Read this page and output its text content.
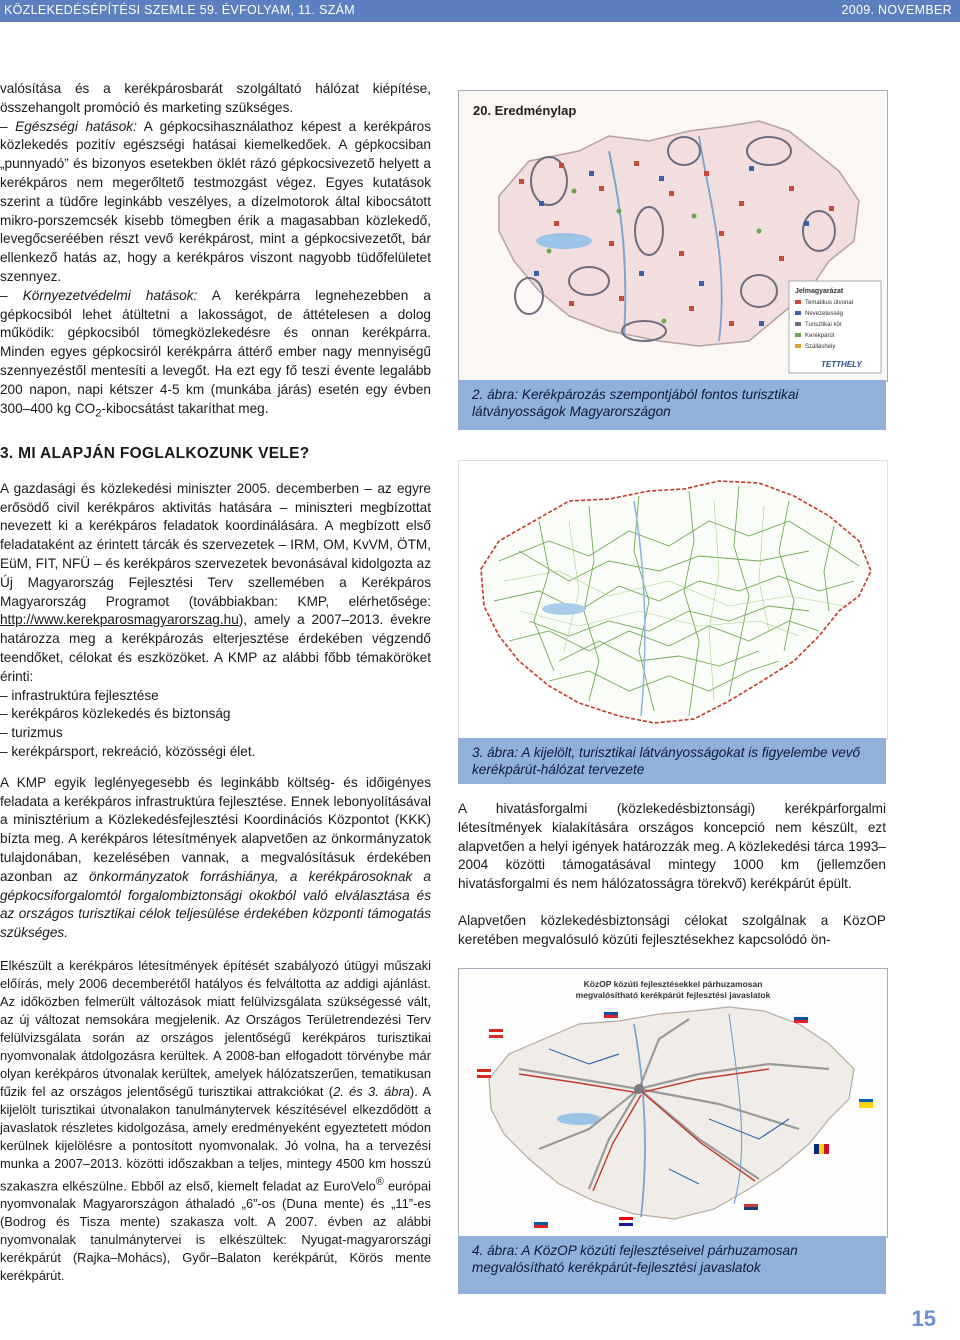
KÖZLEKEDÉSÉPÍTÉSI SZEMLE 59. ÉVFOLYAM, 11. SZÁM	2009. NOVEMBER

valósítása és a kerékpárosbarát szolgáltató hálózat kiépítése, összehangolt promóció és marketing szükséges.

– Egészségi hatások: A gépkocsihasználathoz képest a kerékpáros közlekedés pozitív egészségi hatásai kiemelkedőek. A gépkocsiban „punnyadó” és bizonyos esetekben öklét rázó gépkocsivezető helyett a kerékpáros nem megerőltető testmozgást végez. Egyes kutatások szerint a tüdőre leginkább veszélyes, a dízelmotorok által kibocsátott mikro-porszemcsék kisebb tömegben érik a magasabban közlekedő, levegőcseréében részt vevő kerékpárost, mint a gépkocsivezetőt, bár ellenkező hatás az, hogy a kerékpáros viszont nagyobb tüdőfelületet szennyez.

– Környezetvédelmi hatások: A kerékpárra legnehezebben a gépkocsiból lehet átültetni a lakosságot, de áttételesen a dolog működik: gépkocsiból tömegközlekedésre és onnan kerékpárra. Minden egyes gépkocsiról kerékpárra áttérő ember nagy mennyiségű szennyezéstől mentesíti a levegőt. Ha ezt egy fő teszi évente legalább 200 napon, napi kétszer 4-5 km (munkába járás) esetén egy évben 300–400 kg $CO_2$-kibocsátást takaríthat meg.

3. MI ALAPJÁN FOGLALKOZUNK VELE?

A gazdasági és közlekedési miniszter 2005. decemberben – az egyre erősödő civil kerékpáros aktivitás hatására – miniszteri megbízottat nevezett ki a kerékpáros feladatok koordinálására. A megbízott első feladataként az érintett tárcák és szervezetek – IRM, OM, KvVM, ÖTM, EüM, FIT, NFÜ – és kerékpáros szervezetek bevonásával kidolgozta az Új Magyarország Fejlesztési Terv szellemében a Kerékpáros Magyarország Programot (továbbiakban: KMP, elérhetősége: http://www.kerekparosmagyarorszag.hu), amely a 2007–2013. évekre határozza meg a kerékpározás elterjesztése érdekében végzendő teendőket, célokat és eszközöket. A KMP az alábbi főbb témaköröket érinti:

– infrastruktúra fejlesztése

– kerékpáros közlekedés és biztonság

– turizmus

– kerékpársport, rekreáció, közösségi élet.

A KMP egyik leglényegesebb és leginkább költség- és időigényes feladata a kerékpáros infrastruktúra fejlesztése. Ennek lebonyolításával a minisztérium a Közlekedésfejlesztési Koordinációs Központot (KKK) bízta meg. A kerékpáros létesítmények alapvetően az önkormányzatok tulajdonában, kezelésében vannak, a megvalósításuk érdekében azonban az önkormányzatok forráshiánya, a kerékpárosoknak a gépkocsiforgalomtól forgalombiztonsági okokból való elválasztása és az országos turisztikai célok teljesülése érdekében központi támogatás szükséges.

Elkészült a kerékpáros létesítmények építését szabályozó útügyi műszaki előírás, mely 2006 decemberétől hatályos és felváltotta az addigi ajánlást. Az időközben felmerült változások miatt felülvizsgálata szükségessé vált, az új változat nemsokára megjelenik. Az Országos Területrendezési Terv felülvizsgálata során az országos jelentőségű kerékpáros turisztikai nyomvonalak átdolgozásra kerültek. A 2008-ban elfogadott törvénybe már olyan kerékpáros útvonalak kerültek, amelyek hálózatszerűen, tematikusan fűzik fel az országos jelentőségű turisztikai attrakciókat (2. és 3. ábra). A kijelölt turisztikai útvonalakon tanulmánytervek készítésével elkezdődött a javaslatok részletes kidolgozása, amely eredményeként egyeztetett módon kerülnek kijelölésre a pontosított nyomvonalak. Jó volna, ha a tervezési munka a 2007–2013. közötti időszakban a teljes, mintegy 4500 km hosszú szakaszra elkészülne. Ebből az első, kiemelt feladat az EuroVelo® európai nyomvonalak Magyarországon áthaladó „6”-os (Duna mente) és „11”-es (Bodrog és Tisza mente) szakasza volt. A 2007. évben az alábbi nyomvonalak tanulmánytervei is elkészültek: Nyugat-magyarországi kerékpárút (Rajka–Mohács), Győr–Balaton kerékpárút, Körös mente kerékpárút.

20. Eredménylap
Jelmagyarázat
Tematikus útvonal
Nevezetesség
Turisztikai kör
Kerékpárút
Szálláshely
TETTHELY
2. ábra: Kerékpározás szempontjából fontos turisztikai látványosságok Magyarországon
3. ábra: A kijelölt, turisztikai látványosságokat is figyelembe vevő kerékpárút-hálózat tervezete

A hivatásforgalmi (közlekedésbiztonsági) kerékpárforgalmi létesítmények kialakítására országos koncepció nem készült, ezt alapvetően a helyi igények határozzák meg. A közlekedési tárca 1993–2004 közötti támogatásával mintegy 1000 km (jellemzően hivatásforgalmi és nem hálózatosságra törekvő) kerékpárút épült.

Alapvetően közlekedésbiztonsági célokat szolgálnak a KözOP keretében megvalósuló közúti fejlesztésekhez kapcsolódó ön-

KözOP közúti fejlesztésekkel párhuzamosan
megvalósítható kerékpárút fejlesztési javaslatok
4. ábra: A KözOP közúti fejlesztéseivel párhuzamosan megvalósítható kerékpárút-fejlesztési javaslatok
15
